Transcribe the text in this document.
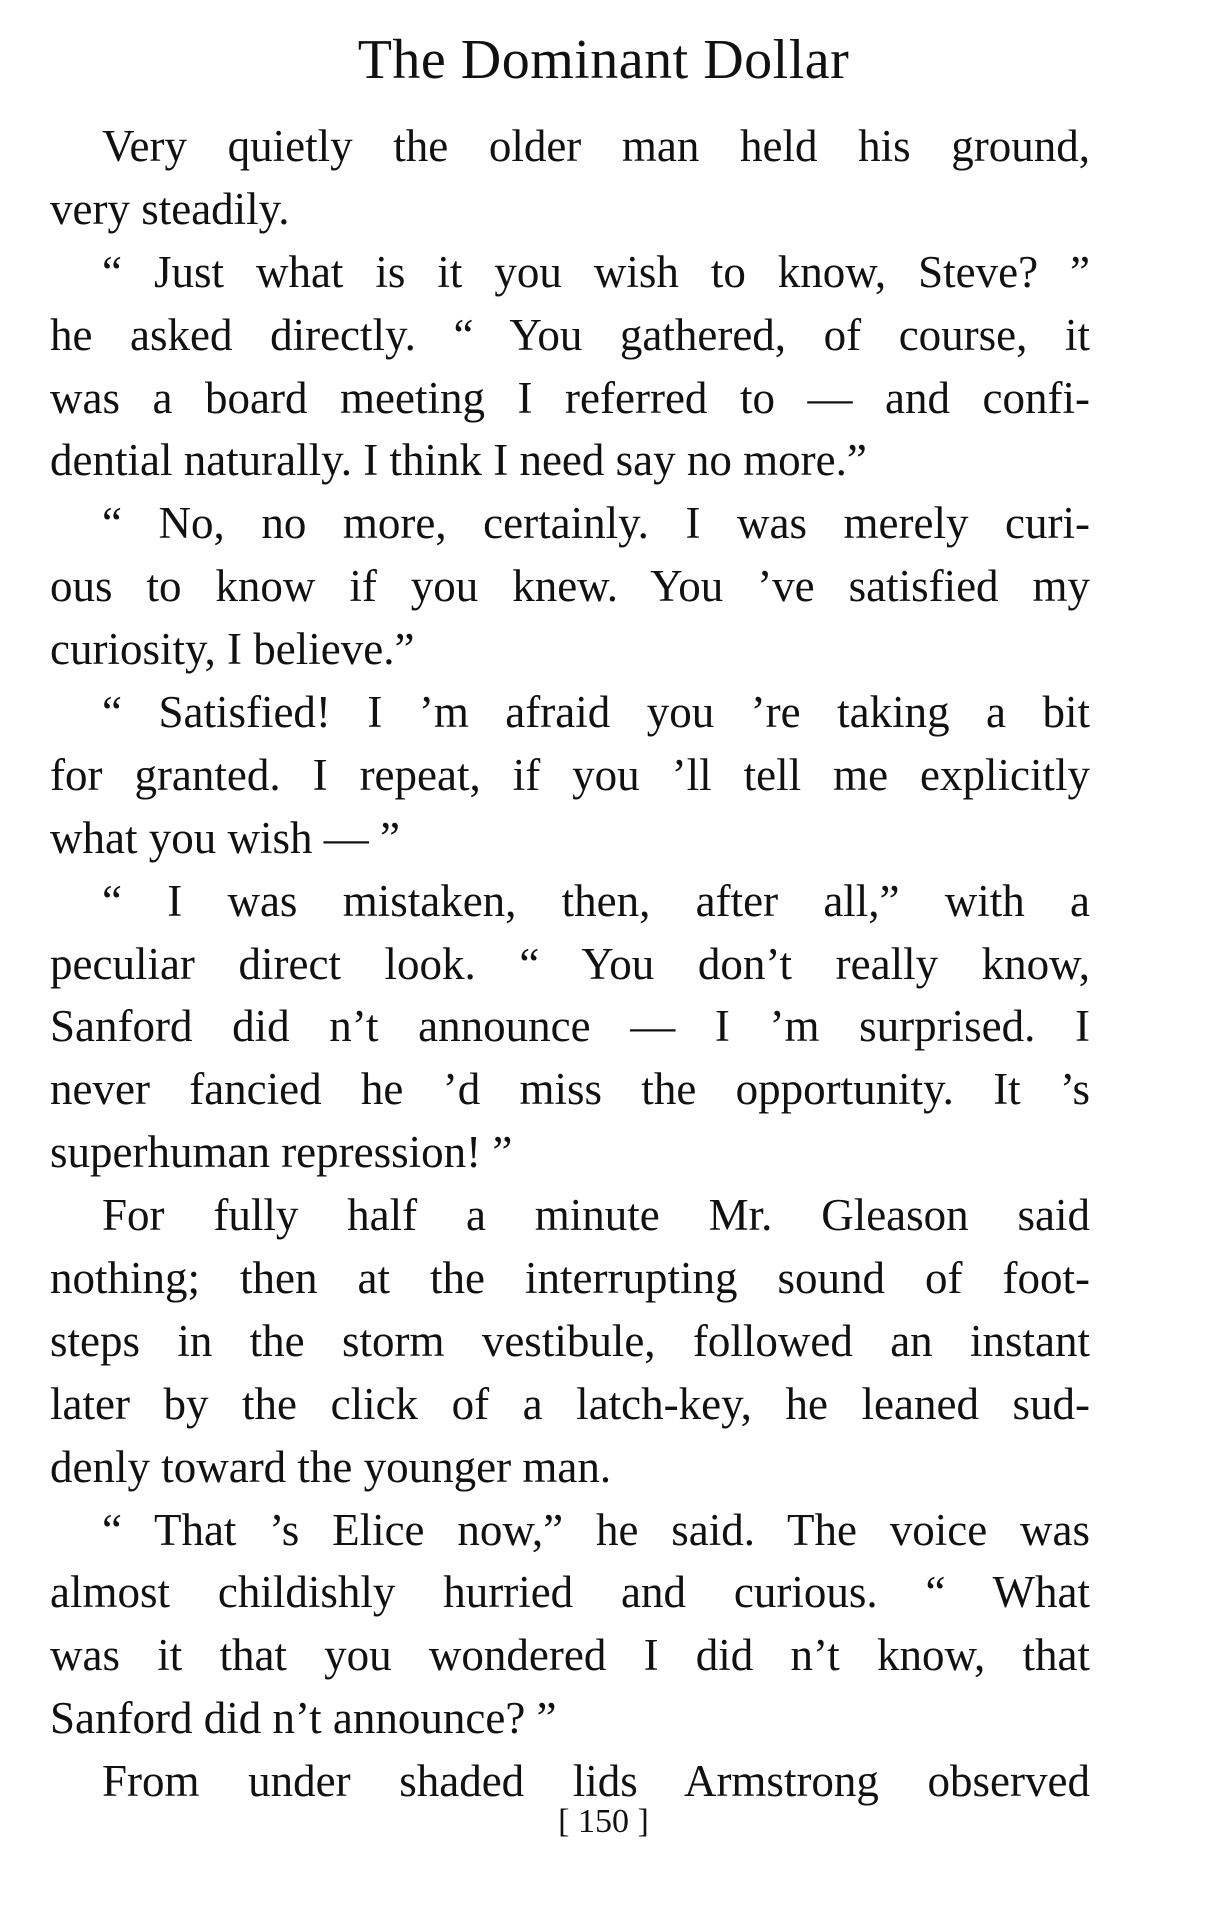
The Dominant Dollar
Very quietly the older man held his ground,
very steadily.
“ Just what is it you wish to know, Steve? ”
he asked directly. “ You gathered, of course, it
was a board meeting I referred to — and confi-
dential naturally. I think I need say no more.”
“ No, no more, certainly. I was merely curi-
ous to know if you knew. You ’ve satisfied my
curiosity, I believe.”
“ Satisfied! I ’m afraid you ’re taking a bit
for granted. I repeat, if you ’ll tell me explicitly
what you wish — ”
“ I was mistaken, then, after all,” with a
peculiar direct look. “ You don’t really know,
Sanford did n’t announce — I ’m surprised. I
never fancied he ’d miss the opportunity. It ’s
superhuman repression! ”
For fully half a minute Mr. Gleason said
nothing; then at the interrupting sound of foot-
steps in the storm vestibule, followed an instant
later by the click of a latch-key, he leaned sud-
denly toward the younger man.
“ That ’s Elice now,” he said. The voice was
almost childishly hurried and curious. “ What
was it that you wondered I did n’t know, that
Sanford did n’t announce? ”
From under shaded lids Armstrong observed
[ 150 ]
